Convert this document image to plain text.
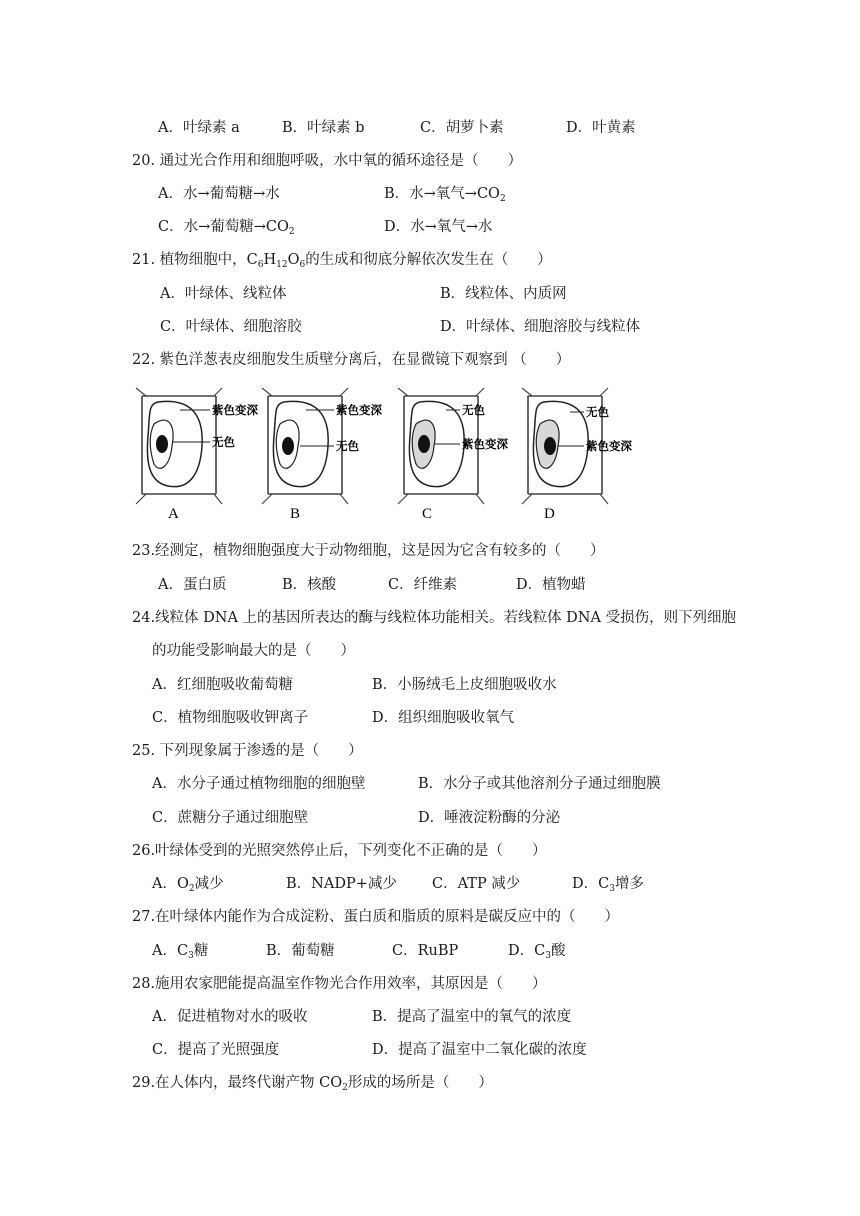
A．叶绿素 a	B．叶绿素 b	C．胡萝卜素	D．叶黄素
20. 通过光合作用和细胞呼吸，水中氧的循环途径是（　　）
A．水→葡萄糖→水	B．水→氧气$\to CO_2$
C．水→葡萄糖$\to CO_2$	D．水→氧气→水
21. 植物细胞中，$C_6H_{12}O_6$的生成和彻底分解依次发生在（　　）
A．叶绿体、线粒体	B．线粒体、内质网
C．叶绿体、细胞溶胶	D．叶绿体、细胞溶胶与线粒体
22. 紫色洋葱表皮细胞发生质壁分离后，在显微镜下观察到 （　　）
紫色变深
无色
A
紫色变深
无色
B
无色
紫色变深
C
无色
紫色变深
D
23.经测定，植物细胞强度大于动物细胞，这是因为它含有较多的（　　）
A．蛋白质	B．核酸	C．纤维素	D．植物蜡
24.线粒体 DNA 上的基因所表达的酶与线粒体功能相关。若线粒体 DNA 受损伤，则下列细胞
的功能受影响最大的是（　　）
A．红细胞吸收葡萄糖	B．小肠绒毛上皮细胞吸收水
C．植物细胞吸收钾离子	D．组织细胞吸收氧气
25. 下列现象属于渗透的是（　　）
A．水分子通过植物细胞的细胞壁	B．水分子或其他溶剂分子通过细胞膜
C．蔗糖分子通过细胞壁	D．唾液淀粉酶的分泌
26.叶绿体受到的光照突然停止后，下列变化不正确的是（　　）
A．$O_2$减少	B．NADP+减少 C．ATP 减少	D．$C_3$增多
27.在叶绿体内能作为合成淀粉、蛋白质和脂质的原料是碳反应中的（　　）
A．$C_3$糖	B．葡萄糖	C．RuBP	D．$C_3$酸
28.施用农家肥能提高温室作物光合作用效率，其原因是（　　）
A．促进植物对水的吸收	B．提高了温室中的氧气的浓度
C．提高了光照强度	D．提高了温室中二氧化碳的浓度
29.在人体内，最终代谢产物 $CO_2$形成的场所是（　　）
